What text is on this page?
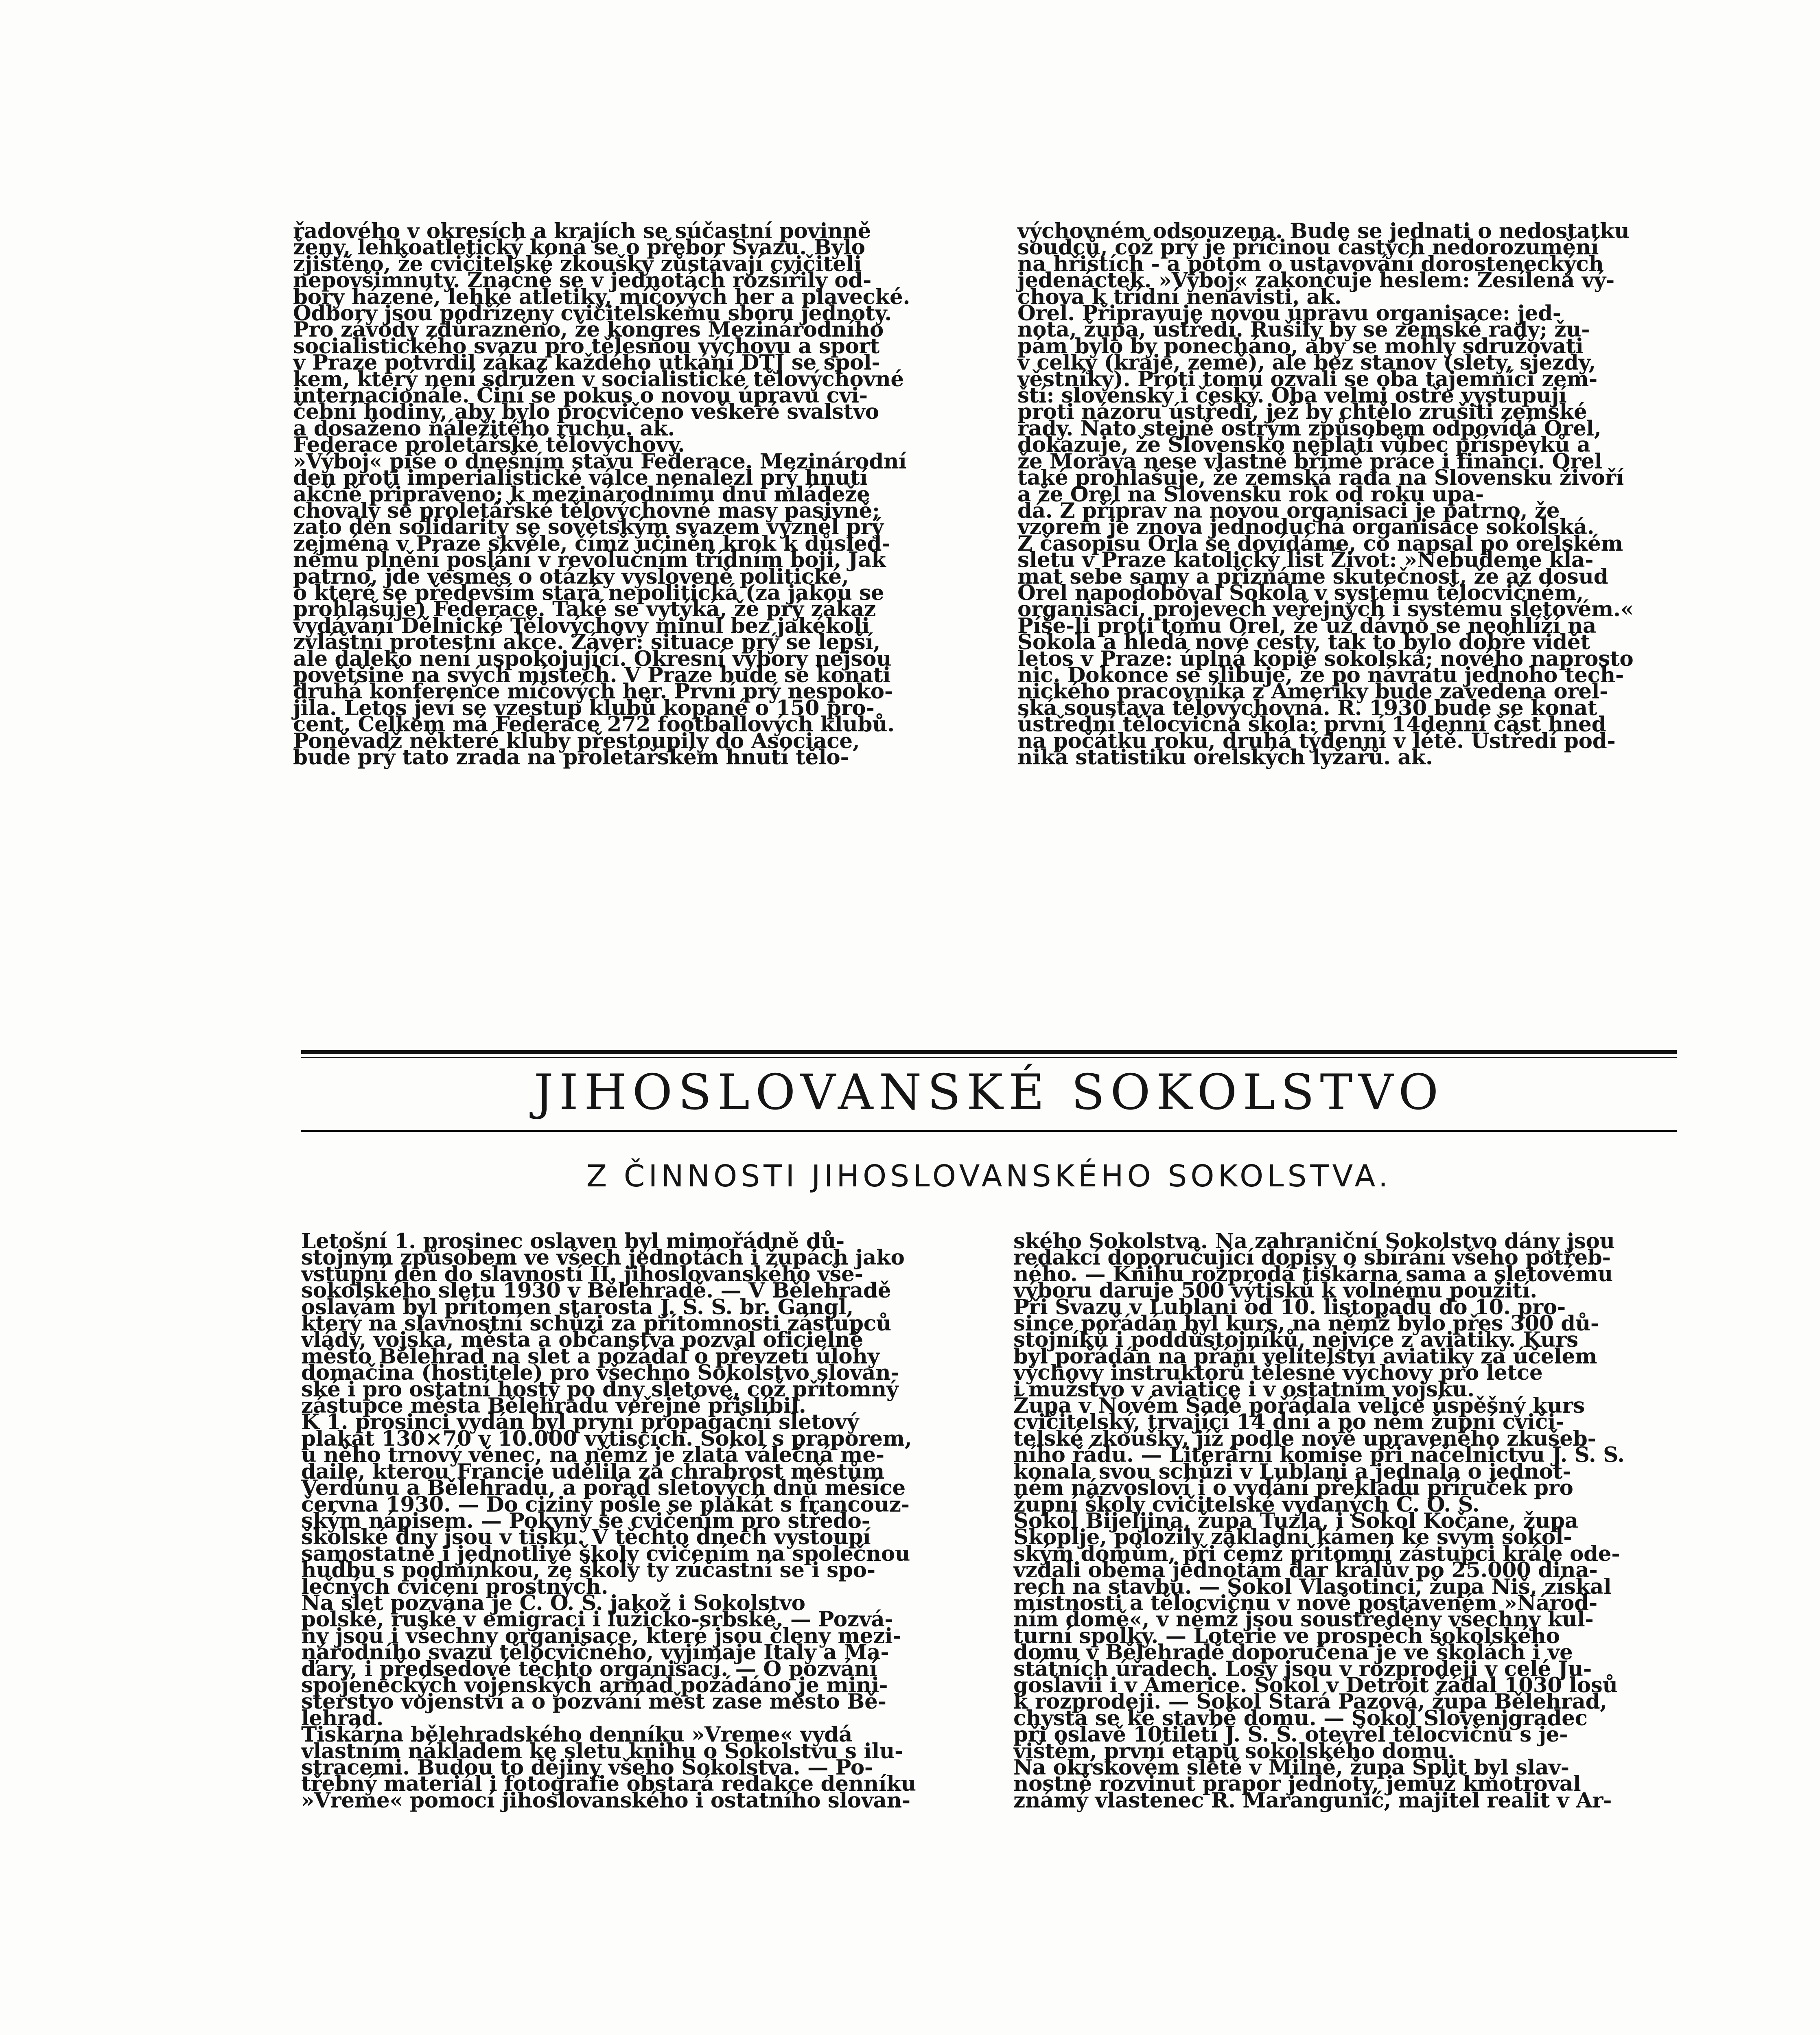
řadového v okresích a krajích se súčastní povinně
ženy, lehkoatletický koná se o přebor Svazu. Bylo
zjištěno, že cvičitelské zkoušky zůstávají cvičiteli
nepovšimnuty. Značně se v jednotách rozšířily od-
bory házené, lehké atletiky, míčových her a plavecké.
Odbory jsou podřízeny cvičitelskému sboru jednoty.
Pro závody zdůrazněno, že kongres Mezinárodního
socialistického svazu pro tělesnou výchovu a sport
v Praze potvrdil zákaz každého utkání DTJ se spol-
kem, který není sdružen v socialistické tělovýchovné
internacionále. Činí se pokus o novou úpravu cvi-
čební hodiny, aby bylo procvičeno veškeré svalstvo
a dosaženo náležitého ruchu. ak.
Federace proletářské tělovýchovy.
»Výboj« píše o dnešním stavu Federace. Mezinárodní
den proti imperialistické válce nenalezl prý hnutí
akčně připraveno; k mezinárodnímu dnu mládeže
chovaly se proletářské tělovýchovné masy pasivně;
zato den solidarity se sovětským svazem vyzněl prý
zejména v Praze skvěle, čímž učiněn krok k důsled-
nému plnění poslání v revolučním třídním boji. Jak
patrno, jde vesměs o otázky vysloveně politické,
o které se především stará nepolitická (za jakou se
prohlašuje) Federace. Také se vytýká, že prý zákaz
vydávání Dělnické Tělovýchovy minul bez jakékoli
zvláštní protestní akce. Závěr: situace prý se lepší,
ale daleko není uspokojující. Okresní výbory nejsou
povětšině na svých místech. V Praze bude se konati
druhá konference míčových her. První prý nespoko-
jila. Letos jeví se vzestup klubů kopané o 150 pro-
cent. Celkem má Federace 272 footballových klubů.
Poněvadž některé kluby přestoupily do Asociace,
bude prý tato zrada na proletářském hnutí tělo-
výchovném odsouzena. Bude se jednati o nedostatku
soudců, což prý je příčinou častých nedorozumění
na hřištích - a potom o ustavování dorosteneckých
jedenáctek. »Výboj« zakončuje heslem: Zesílená vý-
chova k třídní nenávisti. ak.
Orel. Připravuje novou úpravu organisace: jed-
nota, župa, ústředí. Rušily by se zemské rady; žu-
pám bylo by ponecháno, aby se mohly sdružovati
v celky (kraje, země), ale bez stanov (slety, sjezdy,
věstníky). Proti tomu ozvali se oba tajemníci zem-
ští: slovenský i český. Oba velmi ostře vystupují
proti názoru ústředí, jež by chtělo zrušiti zemské
rady. Nato stejně ostrým způsobem odpovídá Orel,
dokazuje, že Slovensko neplatí vůbec příspěvků a
že Morava nese vlastně břímě práce i financí. Orel
také prohlašuje, že zemská rada na Slovensku živoří
a že Orel na Slovensku rok od roku upa-
dá. Z příprav na novou organisaci je patrno, že
vzorem je znova jednoduchá organisace sokolská.
Z časopisu Orla se dovídáme, co napsal po orelském
sletu v Praze katolický list Život: »Nebudeme kla-
mat sebe samy a přiznáme skutečnost, že až dosud
Orel napodoboval Sokola v systému tělocvičném,
organisaci, projevech veřejných i systému sletovém.«
Píše-li proti tomu Orel, že už dávno se neohlíží na
Sokola a hledá nové cesty, tak to bylo dobře vidět
letos v Praze: úplná kopie sokolská; nového naprosto
nic. Dokonce se slibuje, že po návratu jednoho tech-
nického pracovníka z Ameriky bude zavedena orel-
ská soustava tělovýchovná. R. 1930 bude se konat
ústřední tělocvičná škola: první 14denní část hned
na počátku roku, druhá týdenní v létě. Ústředí pod-
niká statistiku orelských lyžařů. ak.
JIHOSLOVANSKÉ SOKOLSTVO
Z ČINNOSTI JIHOSLOVANSKÉHO SOKOLSTVA.
Letošní 1. prosinec oslaven byl mimořádně dů-
stojným způsobem ve všech jednotách i župách jako
vstupní den do slavností II. jihoslovanského vše-
sokolského sletu 1930 v Bělehradě. — V Bělehradě
oslavám byl přítomen starosta J. S. S. br. Gangl,
který na slavnostní schůzi za přítomnosti zástupců
vlády, vojska, města a občanstva pozval oficielně
město Bělehrad na slet a požádal o převzetí úlohy
domačina (hostitele) pro všechno Sokolstvo slovan-
ské i pro ostatní hosty po dny sletové, což přítomný
zástupce města Bělehradu veřejně přislíbil.
K 1. prosinci vydán byl první propagační sletový
plakát 130×70 v 10.000 výtiscích. Sokol s praporem,
u něho trnový věnec, na němž je zlatá válečná me-
daile, kterou Francie udělila za chrabrost městům
Verdunu a Bělehradu, a pořad sletových dnů měsíce
června 1930. — Do ciziny pošle se plakát s francouz-
ským nápisem. — Pokyny se cvičením pro středo-
školské dny jsou v tisku. V těchto dnech vystoupí
samostatně i jednotlivé školy cvičením na společnou
hudbu s podmínkou, že školy ty zúčastní se i spo-
lečných cvičení prostných.
Na slet pozvána je Č. O. S. jakož i Sokolstvo
polské, ruské v emigraci i lužicko-srbské. — Pozvá-
ny jsou i všechny organisace, které jsou členy mezi-
národního svazu tělocvičného, vyjímaje Italy a Ma-
ďary, i předsedové těchto organisací. — O pozvání
spojeneckých vojenských armád požádáno je mini-
sterstvo vojenství a o pozvání měst zase město Bě-
lehrad.
Tiskárna bělehradského denníku »Vreme« vydá
vlastním nákladem ke sletu knihu o Sokolstvu s ilu-
stracemi. Budou to dějiny všeho Sokolstva. — Po-
třebný materiál i fotografie obstará redakce denníku
»Vreme« pomocí jihoslovanského i ostatního slovan-
ského Sokolstva. Na zahraniční Sokolstvo dány jsou
redakcí doporučující dopisy o sbírání všeho potřeb-
ného. — Knihu rozprodá tiskárna sama a sletovému
výboru daruje 500 výtisků k volnému použití.
Při Svazu v Lublani od 10. listopadu do 10. pro-
since pořádán byl kurs, na němž bylo přes 300 dů-
stojníků i poddůstojníků, nejvíce z aviatiky. Kurs
byl pořádán na přání velitelství aviatiky za účelem
výchovy instruktorů tělesné výchovy pro letce
i mužstvo v aviatice i v ostatním vojsku.
Župa v Novém Sadě pořádala velice úspěšný kurs
cvičitelský, trvající 14 dní a po něm župní cviči-
telské zkoušky, jíž podle nově upraveného zkušeb-
ního řádu. — Literární komise při náčelnictvu J. S. S.
konala svou schůzi v Lublani a jednala o jednot-
ném názvosloví i o vydání překladu příruček pro
župní školy cvičitelské vydaných Č. O. S.
Sokol Bijeljina, župa Tuzla, i Sokol Kočane, župa
Skoplje, položily základní kámen ke svým sokol-
ským domům, při čemž přítomní zástupci krále ode-
vzdali oběma jednotám dar králův po 25.000 dina-
rech na stavbu. — Sokol Vlasotinci, župa Niš, získal
místnosti a tělocvičnu v nově postaveném »Národ-
ním domě«, v němž jsou soustředěny všechny kul-
turní spolky. — Loterie ve prospěch sokolského
domu v Bělehradě doporučena je ve školách i ve
státních úřadech. Losy jsou v rozprodeji v celé Ju-
goslavii i v Americe. Sokol v Detroit žádal 1030 losů
k rozprodeji. — Sokol Stará Pazová, župa Bělehrad,
chystá se ke stavbě domu. — Sokol Slovenjgradec
při oslavě 10tiletí J. S. S. otevřel tělocvičnu s je-
vištěm, první etapu sokolského domu.
Na okrskovém sletě v Milně, župa Split byl slav-
nostně rozvinut prapor jednoty, jemuž kmotroval
známý vlastenec R. Marangunić, majitel realit v Ar-
